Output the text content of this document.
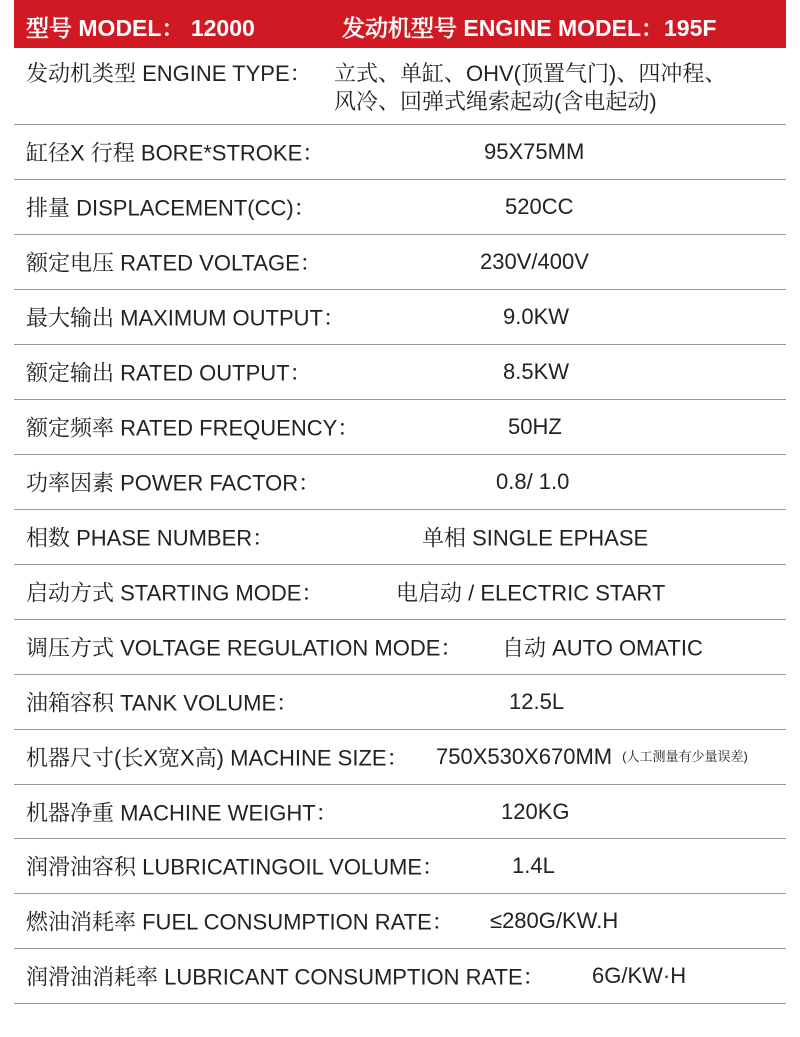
型号 MODEL： 12000	发动机型号 ENGINE MODEL：195F
发动机类型 ENGINE TYPE： 立式、单缸、OHV(顶置气门)、四冲程、
风冷、回弹式绳索起动(含电起动)
缸径X 行程 BORE*STROKE：	95X75MM
排量 DISPLACEMENT(CC)：	520CC
额定电压 RATED VOLTAGE：	230V/400V
最大输出 MAXIMUM OUTPUT：	9.0KW
额定输出 RATED OUTPUT：	8.5KW
额定频率 RATED FREQUENCY：	50HZ
功率因素 POWER FACTOR：	0.8/ 1.0
相数 PHASE NUMBER：	单相 SINGLE EPHASE
启动方式 STARTING MODE：	电启动 / ELECTRIC START
调压方式 VOLTAGE REGULATION MODE： 自动 AUTO OMATIC
油箱容积 TANK VOLUME：	12.5L
机器尺寸(长X宽X高) MACHINE SIZE： 750X530X670MM (人工测量有少量误差)
机器净重 MACHINE WEIGHT：	120KG
润滑油容积 LUBRICATINGOIL VOLUME：	1.4L
燃油消耗率 FUEL CONSUMPTION RATE： ≤280G/KW.H
润滑油消耗率 LUBRICANT CONSUMPTION RATE： 6G/KW·H
